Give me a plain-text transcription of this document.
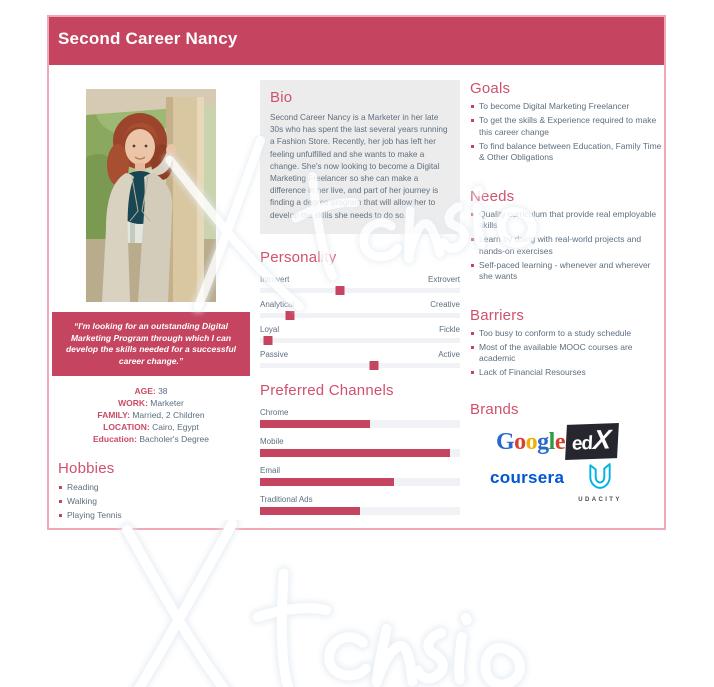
Second Career Nancy
“I'm looking for an outstanding Digital Marketing Program through which I can develop the skills needed for a successful career change.”
AGE: 38
WORK: Marketer
FAMILY: Married, 2 Children
LOCATION: Cairo, Egypt
Education: Bacholer's Degree
Hobbies
Reading
Walking
Playing Tennis
Bio

Second Career Nancy is a Marketer in her late 30s who has spent the last several years running a Fashion Store. Recently, her job has left her feeling unfulfilled and she wants to make a change. She's now looking to become a Digital Marketing Freelancer so she can make a difference in her live, and part of her journey is finding a degree program that will allow her to develop the skills she needs to do so.

Personality
Introvert	Extrovert
Analytical	Creative
Loyal	Fickle
Passive	Active
Preferred Channels
Chrome
Mobile
Email
Traditional Ads
Goals
To become Digital Marketing Freelancer
To get the skills & Experience required to make this career change
To find balance between Education, Family Time & Other Obligations
Needs
Quality curriculum that provide real employable skills
Learn by doing with real-world projects and hands-on exercises
Self-paced learning - whenever and wherever she wants
Barriers
Too busy to conform to a study schedule
Most of the available MOOC courses are academic
Lack of Financial Resourses
Brands
Google edX
coursera
UDACITY
